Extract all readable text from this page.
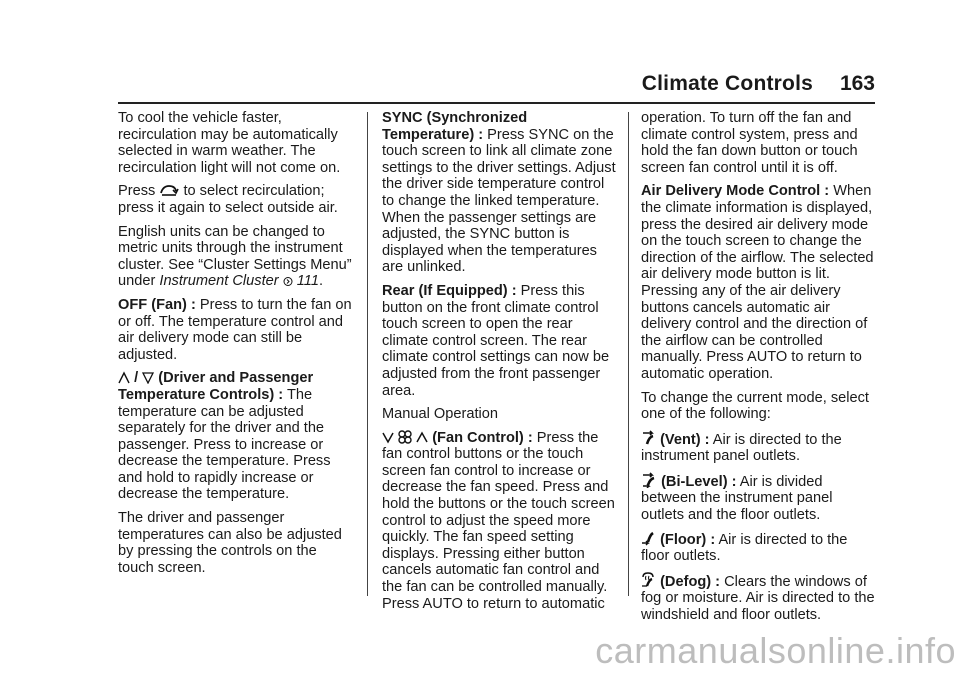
Climate Controls 163

To cool the vehicle faster, recirculation may be automatically selected in warm weather. The recirculation light will not come on.

Press to select recirculation; press it again to select outside air.

English units can be changed to metric units through the instrument cluster. See “Cluster Settings Menu” under Instrument Cluster 111.

OFF (Fan) : Press to turn the fan on or off. The temperature control and air delivery mode can still be adjusted.

/ (Driver and Passenger Temperature Controls) : The temperature can be adjusted separately for the driver and the passenger. Press to increase or decrease the temperature. Press and hold to rapidly increase or decrease the temperature.

The driver and passenger temperatures can also be adjusted by pressing the controls on the touch screen.

SYNC (Synchronized Temperature) : Press SYNC on the touch screen to link all climate zone settings to the driver settings. Adjust the driver side temperature control to change the linked temperature. When the passenger settings are adjusted, the SYNC button is displayed when the temperatures are unlinked.

Rear (If Equipped) : Press this button on the front climate control touch screen to open the rear climate control screen. The rear climate control settings can now be adjusted from the front passenger area.

Manual Operation

(Fan Control) : Press the fan control buttons or the touch screen fan control to increase or decrease the fan speed. Press and hold the buttons or the touch screen control to adjust the speed more quickly. The fan speed setting displays. Pressing either button cancels automatic fan control and the fan can be controlled manually. Press AUTO to return to automatic

operation. To turn off the fan and climate control system, press and hold the fan down button or touch screen fan control until it is off.

Air Delivery Mode Control : When the climate information is displayed, press the desired air delivery mode on the touch screen to change the direction of the airflow. The selected air delivery mode button is lit. Pressing any of the air delivery buttons cancels automatic air delivery control and the direction of the airflow can be controlled manually. Press AUTO to return to automatic operation.

To change the current mode, select one of the following:

(Vent) : Air is directed to the instrument panel outlets.

(Bi-Level) : Air is divided between the instrument panel outlets and the floor outlets.

(Floor) : Air is directed to the floor outlets.

(Defog) : Clears the windows of fog or moisture. Air is directed to the windshield and floor outlets.

carmanualsonline.info
